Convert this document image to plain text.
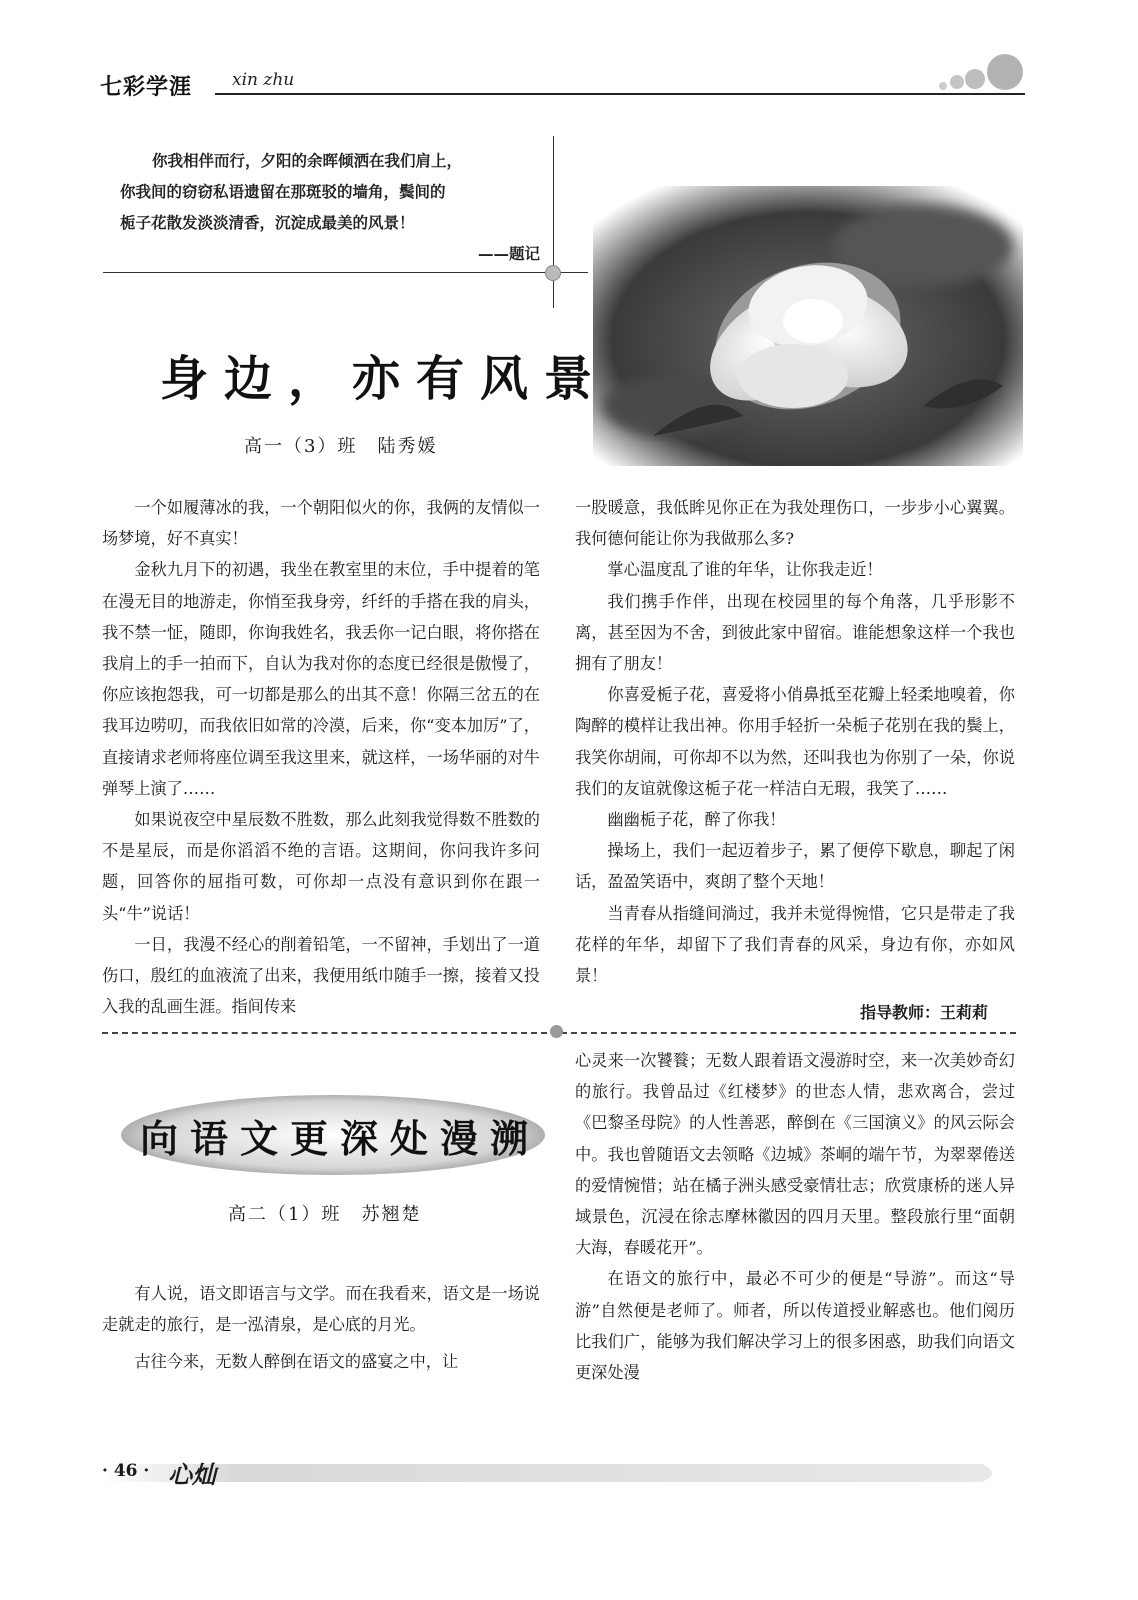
七彩学涯 xin zhu

你我相伴而行，夕阳的余晖倾洒在我们肩上，

你我间的窃窃私语遗留在那斑驳的墙角，鬓间的

栀子花散发淡淡清香，沉淀成最美的风景！

——题记

身边，亦有风景
高一（3）班　陆秀媛

一个如履薄冰的我，一个朝阳似火的你，我俩的友情似一场梦境，好不真实！

金秋九月下的初遇，我坐在教室里的末位，手中提着的笔在漫无目的地游走，你悄至我身旁，纤纤的手搭在我的肩头，我不禁一怔，随即，你询我姓名，我丢你一记白眼，将你搭在我肩上的手一拍而下，自认为我对你的态度已经很是傲慢了，你应该抱怨我，可一切都是那么的出其不意！你隔三岔五的在我耳边唠叨，而我依旧如常的冷漠，后来，你“变本加厉”了，直接请求老师将座位调至我这里来，就这样，一场华丽的对牛弹琴上演了……

如果说夜空中星辰数不胜数，那么此刻我觉得数不胜数的不是星辰，而是你滔滔不绝的言语。这期间，你问我许多问题，回答你的屈指可数，可你却一点没有意识到你在跟一头“牛”说话！

一日，我漫不经心的削着铅笔，一不留神，手划出了一道伤口，殷红的血液流了出来，我便用纸巾随手一擦，接着又投入我的乱画生涯。指间传来

一股暖意，我低眸见你正在为我处理伤口，一步步小心翼翼。我何德何能让你为我做那么多?

掌心温度乱了谁的年华，让你我走近！

我们携手作伴，出现在校园里的每个角落，几乎形影不离，甚至因为不舍，到彼此家中留宿。谁能想象这样一个我也拥有了朋友！

你喜爱栀子花，喜爱将小俏鼻抵至花瓣上轻柔地嗅着，你陶醉的模样让我出神。你用手轻折一朵栀子花别在我的鬓上，我笑你胡闹，可你却不以为然，还叫我也为你别了一朵，你说我们的友谊就像这栀子花一样洁白无瑕，我笑了……

幽幽栀子花，醉了你我！

操场上，我们一起迈着步子，累了便停下歇息，聊起了闲话，盈盈笑语中，爽朗了整个天地！

当青春从指缝间淌过，我并未觉得惋惜，它只是带走了我花样的年华，却留下了我们青春的风采，身边有你，亦如风景！

指导教师：王莉莉
向语文更深处漫溯
高二（1）班　苏翘楚

有人说，语文即语言与文学。而在我看来，语文是一场说走就走的旅行，是一泓清泉，是心底的月光。

古往今来，无数人醉倒在语文的盛宴之中，让

心灵来一次饕餮；无数人跟着语文漫游时空，来一次美妙奇幻的旅行。我曾品过《红楼梦》的世态人情，悲欢离合，尝过《巴黎圣母院》的人性善恶，醉倒在《三国演义》的风云际会中。我也曾随语文去领略《边城》茶峒的端午节，为翠翠倦送的爱情惋惜；站在橘子洲头感受豪情壮志；欣赏康桥的迷人异域景色，沉浸在徐志摩林徽因的四月天里。整段旅行里“面朝大海，春暖花开”。

在语文的旅行中，最必不可少的便是“导游”。而这“导游”自然便是老师了。师者，所以传道授业解惑也。他们阅历比我们广，能够为我们解决学习上的很多困惑，助我们向语文更深处漫

· 46 · 心灿
